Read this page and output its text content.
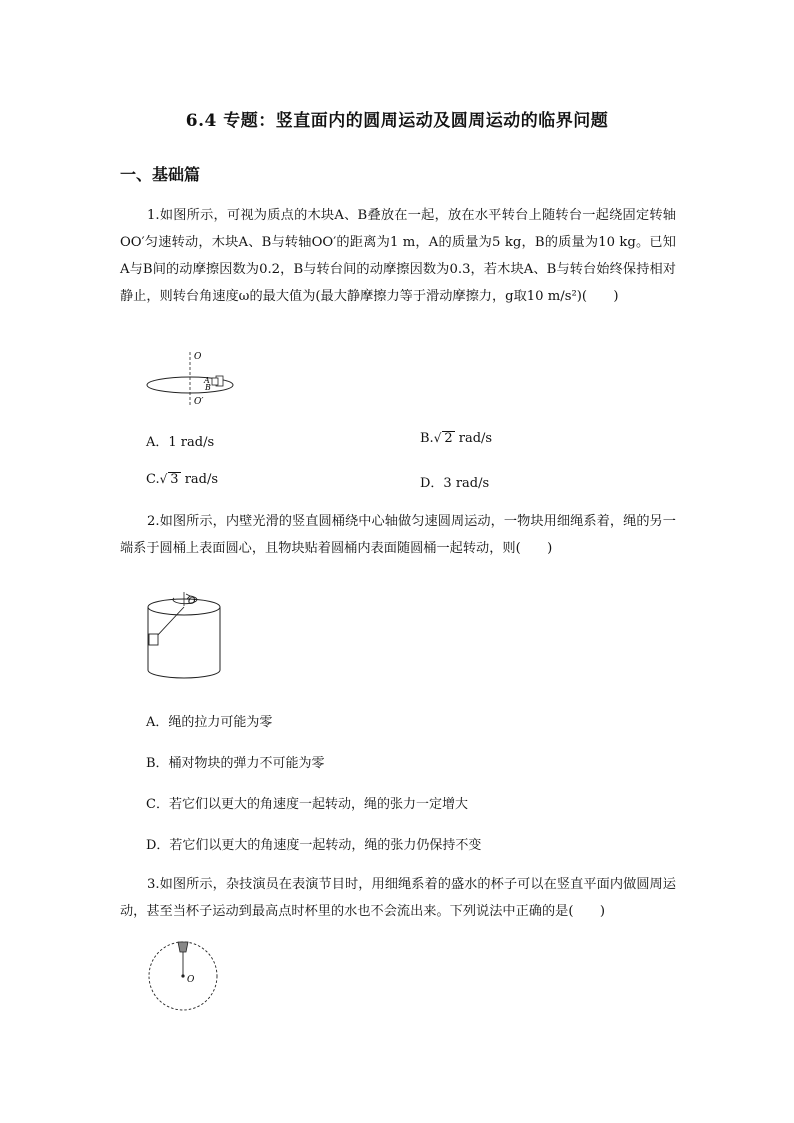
6.4 专题：竖直面内的圆周运动及圆周运动的临界问题
一、基础篇
1.如图所示，可视为质点的木块A、B叠放在一起，放在水平转台上随转台一起绕固定转轴OO′匀速转动，木块A、B与转轴OO′的距离为1 m，A的质量为5 kg，B的质量为10 kg。已知A与B间的动摩擦因数为0.2，B与转台间的动摩擦因数为0.3，若木块A、B与转台始终保持相对静止，则转台角速度ω的最大值为(最大静摩擦力等于滑动摩擦力，g取10 m/s²)(　　)
O
A
B
O′
A．1 rad/s	B.√ 2 rad/s
C.√ 3 rad/s	D．3 rad/s
2.如图所示，内壁光滑的竖直圆桶绕中心轴做匀速圆周运动，一物块用细绳系着，绳的另一端系于圆桶上表面圆心，且物块贴着圆桶内表面随圆桶一起转动，则(　　)
O
A．绳的拉力可能为零
B．桶对物块的弹力不可能为零
C．若它们以更大的角速度一起转动，绳的张力一定增大
D．若它们以更大的角速度一起转动，绳的张力仍保持不变
3.如图所示，杂技演员在表演节目时，用细绳系着的盛水的杯子可以在竖直平面内做圆周运动，甚至当杯子运动到最高点时杯里的水也不会流出来。下列说法中正确的是(　　)
O
